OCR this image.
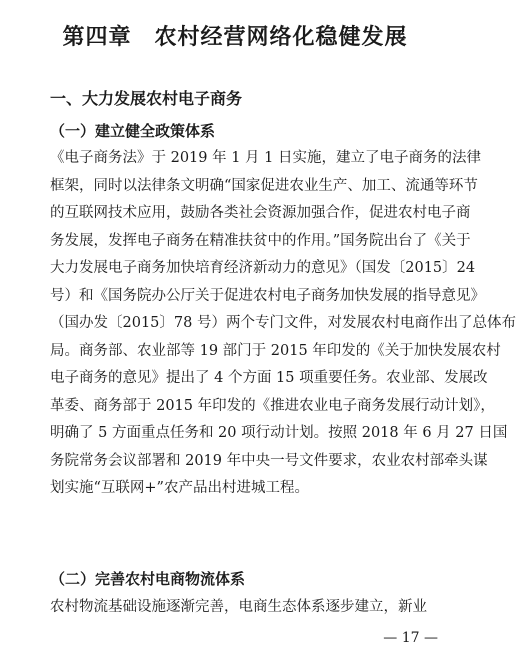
第四章　农村经营网络化稳健发展
一、大力发展农村电子商务
（一）建立健全政策体系
《电子商务法》于 2019 年 1 月 1 日实施，建立了电子商务的法律
框架，同时以法律条文明确“国家促进农业生产、加工、流通等环节
的互联网技术应用，鼓励各类社会资源加强合作，促进农村电子商
务发展，发挥电子商务在精准扶贫中的作用。”国务院出台了《关于
大力发展电子商务加快培育经济新动力的意见》（国发〔2015〕24
号）和《国务院办公厅关于促进农村电子商务加快发展的指导意见》
（国办发〔2015〕78 号）两个专门文件，对发展农村电商作出了总体布
局。商务部、农业部等 19 部门于 2015 年印发的《关于加快发展农村
电子商务的意见》提出了 4 个方面 15 项重要任务。农业部、发展改
革委、商务部于 2015 年印发的《推进农业电子商务发展行动计划》，
明确了 5 方面重点任务和 20 项行动计划。按照 2018 年 6 月 27 日国
务院常务会议部署和 2019 年中央一号文件要求，农业农村部牵头谋
划实施“互联网+”农产品出村进城工程。
（二）完善农村电商物流体系
农村物流基础设施逐渐完善，电商生态体系逐步建立，新业
— 17 —
